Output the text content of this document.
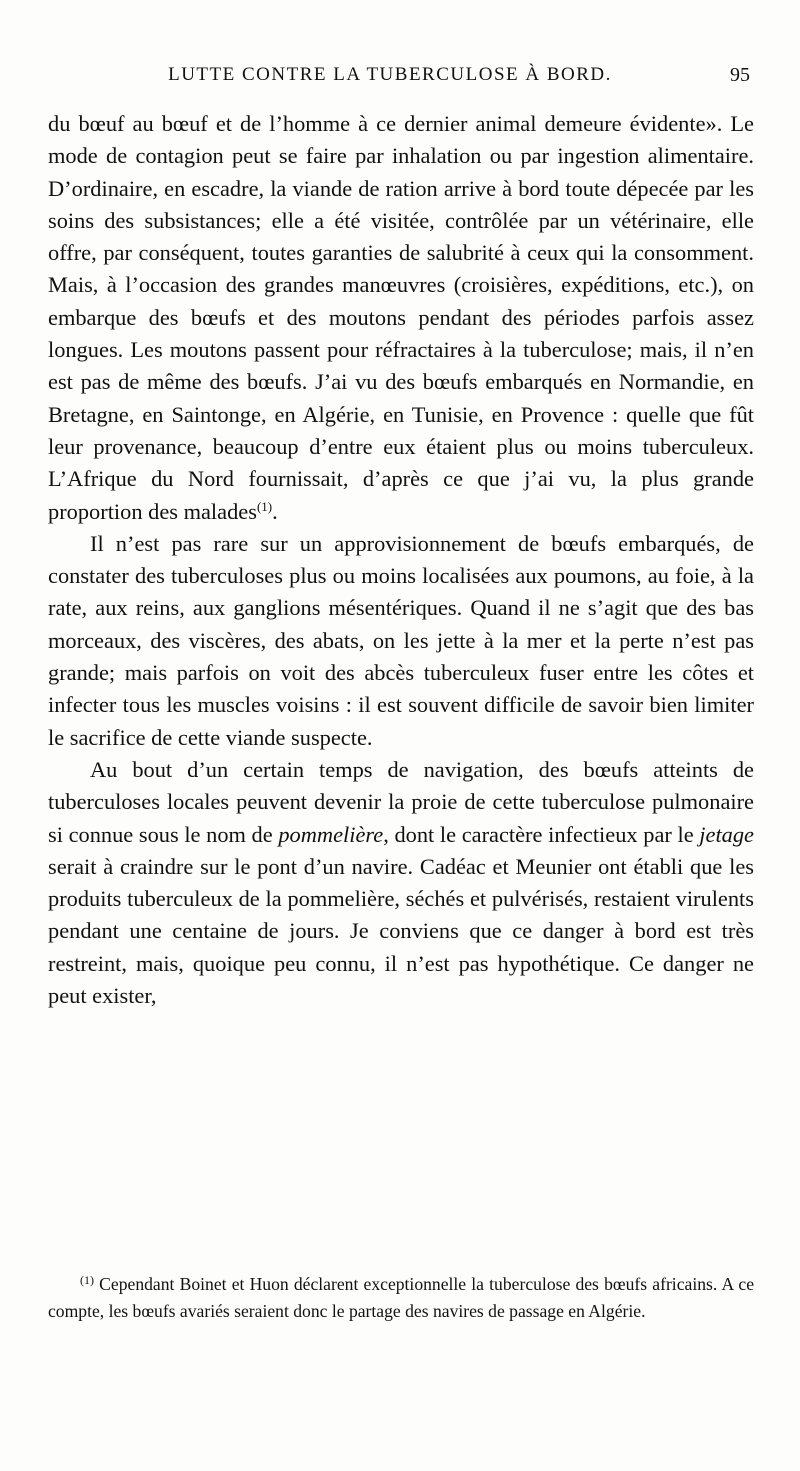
LUTTE CONTRE LA TUBERCULOSE À BORD.	95

du bœuf au bœuf et de l’homme à ce dernier animal demeure évidente». Le mode de contagion peut se faire par inhalation ou par ingestion alimentaire. D’ordinaire, en escadre, la viande de ration arrive à bord toute dépecée par les soins des subsistances; elle a été visitée, contrôlée par un vétérinaire, elle offre, par conséquent, toutes garanties de salubrité à ceux qui la consomment. Mais, à l’occasion des grandes manœuvres (croisières, expéditions, etc.), on embarque des bœufs et des moutons pendant des périodes parfois assez longues. Les moutons passent pour réfractaires à la tuberculose; mais, il n’en est pas de même des bœufs. J’ai vu des bœufs embarqués en Normandie, en Bretagne, en Saintonge, en Algérie, en Tunisie, en Provence : quelle que fût leur provenance, beaucoup d’entre eux étaient plus ou moins tuberculeux. L’Afrique du Nord fournissait, d’après ce que j’ai vu, la plus grande proportion des malades$^{(1)}$.

Il n’est pas rare sur un approvisionnement de bœufs embarqués, de constater des tuberculoses plus ou moins localisées aux poumons, au foie, à la rate, aux reins, aux ganglions mésentériques. Quand il ne s’agit que des bas morceaux, des viscères, des abats, on les jette à la mer et la perte n’est pas grande; mais parfois on voit des abcès tuberculeux fuser entre les côtes et infecter tous les muscles voisins : il est souvent difficile de savoir bien limiter le sacrifice de cette viande suspecte.

Au bout d’un certain temps de navigation, des bœufs atteints de tuberculoses locales peuvent devenir la proie de cette tuberculose pulmonaire si connue sous le nom de pommelière, dont le caractère infectieux par le jetage serait à craindre sur le pont d’un navire. Cadéac et Meunier ont établi que les produits tuberculeux de la pommelière, séchés et pulvérisés, restaient virulents pendant une centaine de jours. Je conviens que ce danger à bord est très restreint, mais, quoique peu connu, il n’est pas hypothétique. Ce danger ne peut exister,

$^{(1)}$ Cependant Boinet et Huon déclarent exceptionnelle la tuberculose des bœufs africains. A ce compte, les bœufs avariés seraient donc le partage des navires de passage en Algérie.
